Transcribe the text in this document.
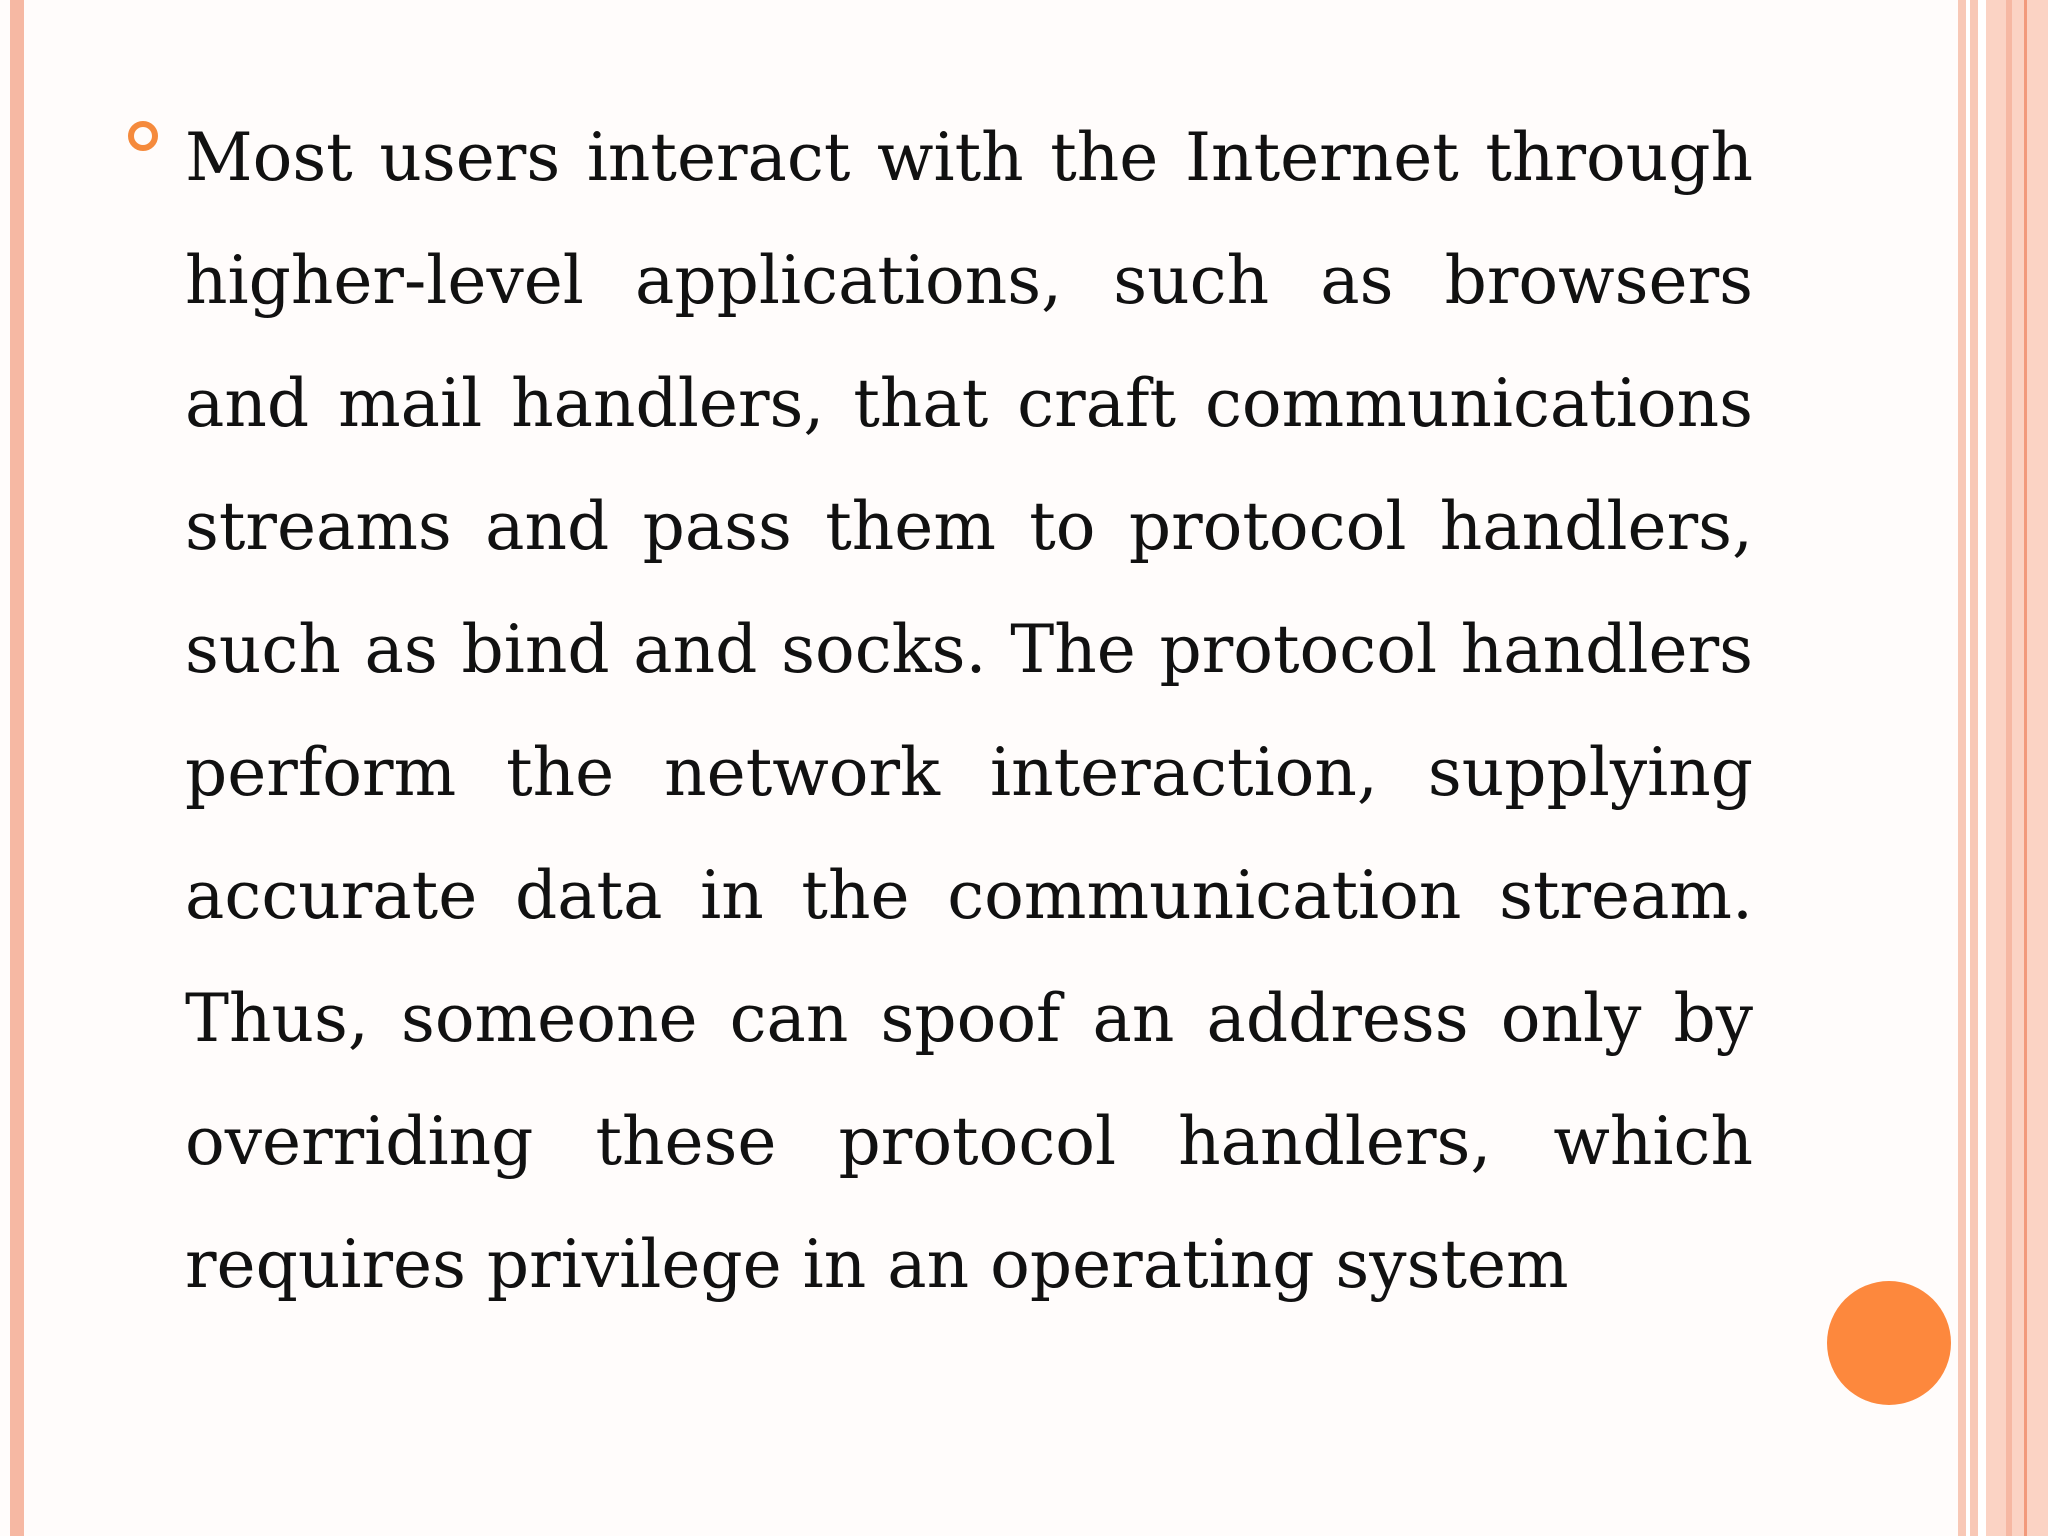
Most users interact with the Internet through higher-level applications, such as browsers and mail handlers, that craft communications streams and pass them to protocol handlers, such as bind and socks. The protocol handlers perform the network interaction, supplying accurate data in the communication stream. Thus, someone can spoof an address only by overriding these protocol handlers, which requires privilege in an operating system
